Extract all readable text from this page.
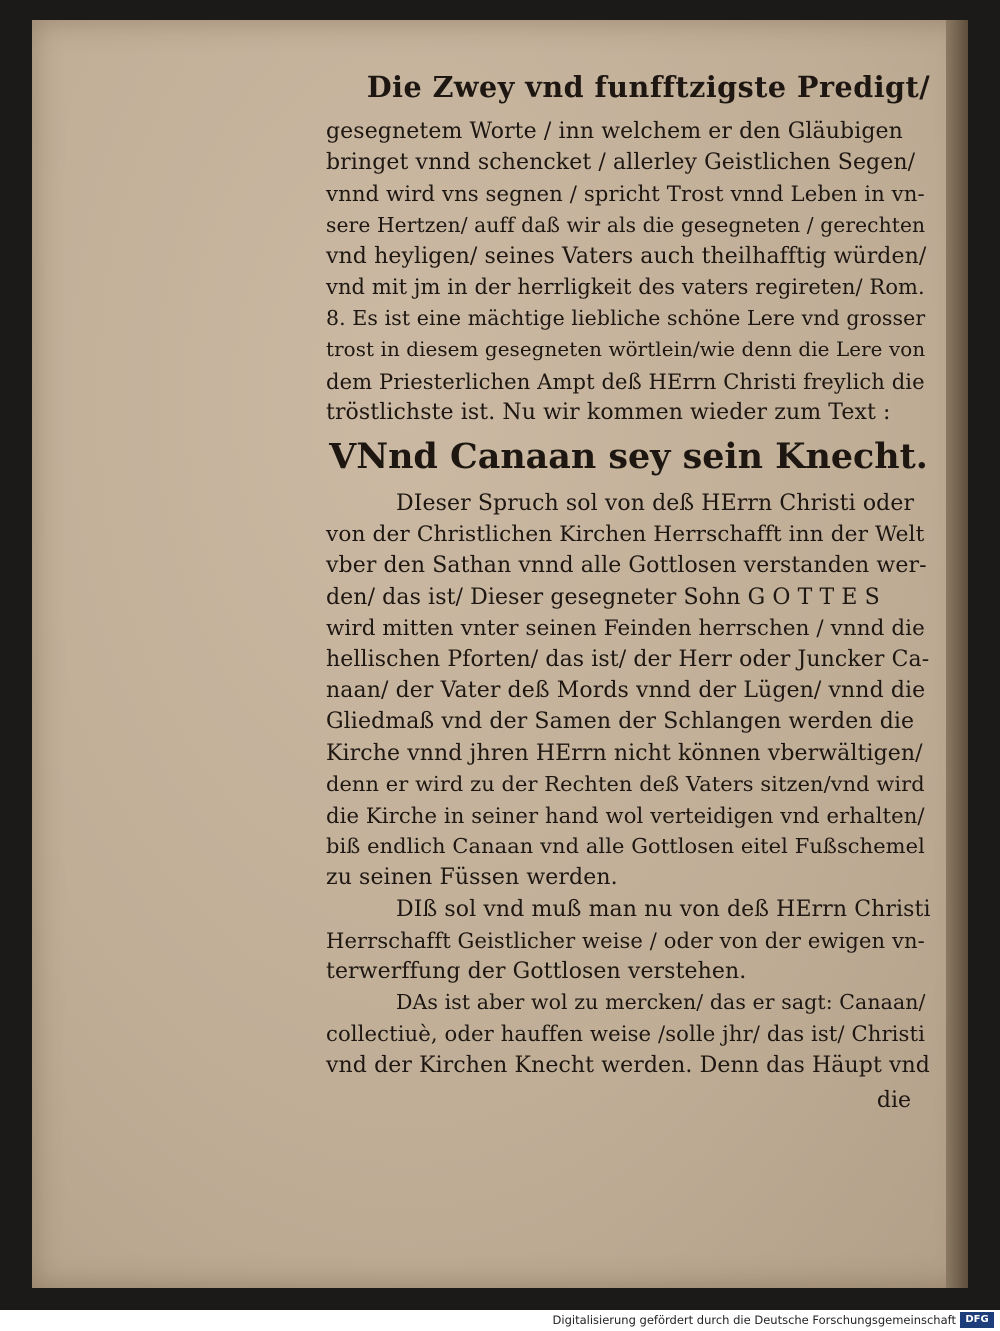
Die Zwey vnd funfftzigste Predigt/
gesegnetem Worte / inn welchem er den Gläubigen
bringet vnnd schencket / allerley Geistlichen Segen/
vnnd wird vns segnen / spricht Trost vnnd Leben in vn-
sere Hertzen/ auff daß wir als die gesegneten / gerechten
vnd heyligen/ seines Vaters auch theilhafftig würden/
vnd mit jm in der herrligkeit des vaters regireten/ Rom.
8. Es ist eine mächtige liebliche schöne Lere vnd grosser
trost in diesem gesegneten wörtlein/wie denn die Lere von
dem Priesterlichen Ampt deß HErrn Christi freylich die
tröstlichste ist. Nu wir kommen wieder zum Text :
VNnd Canaan sey sein Knecht.
DIeser Spruch sol von deß HErrn Christi oder
von der Christlichen Kirchen Herrschafft inn der Welt
vber den Sathan vnnd alle Gottlosen verstanden wer-
den/ das ist/ Dieser gesegneter Sohn G O T T E S
wird mitten vnter seinen Feinden herrschen / vnnd die
hellischen Pforten/ das ist/ der Herr oder Juncker Ca-
naan/ der Vater deß Mords vnnd der Lügen/ vnnd die
Gliedmaß vnd der Samen der Schlangen werden die
Kirche vnnd jhren HErrn nicht können vberwältigen/
denn er wird zu der Rechten deß Vaters sitzen/vnd wird
die Kirche in seiner hand wol verteidigen vnd erhalten/
biß endlich Canaan vnd alle Gottlosen eitel Fußschemel
zu seinen Füssen werden.
DIß sol vnd muß man nu von deß HErrn Christi
Herrschafft Geistlicher weise / oder von der ewigen vn-
terwerffung der Gottlosen verstehen.
DAs ist aber wol zu mercken/ das er sagt: Canaan/
collectiuè, oder hauffen weise /solle jhr/ das ist/ Christi
vnd der Kirchen Knecht werden. Denn das Häupt vnd
die
Digitalisierung gefördert durch die Deutsche Forschungsgemeinschaft DFG
